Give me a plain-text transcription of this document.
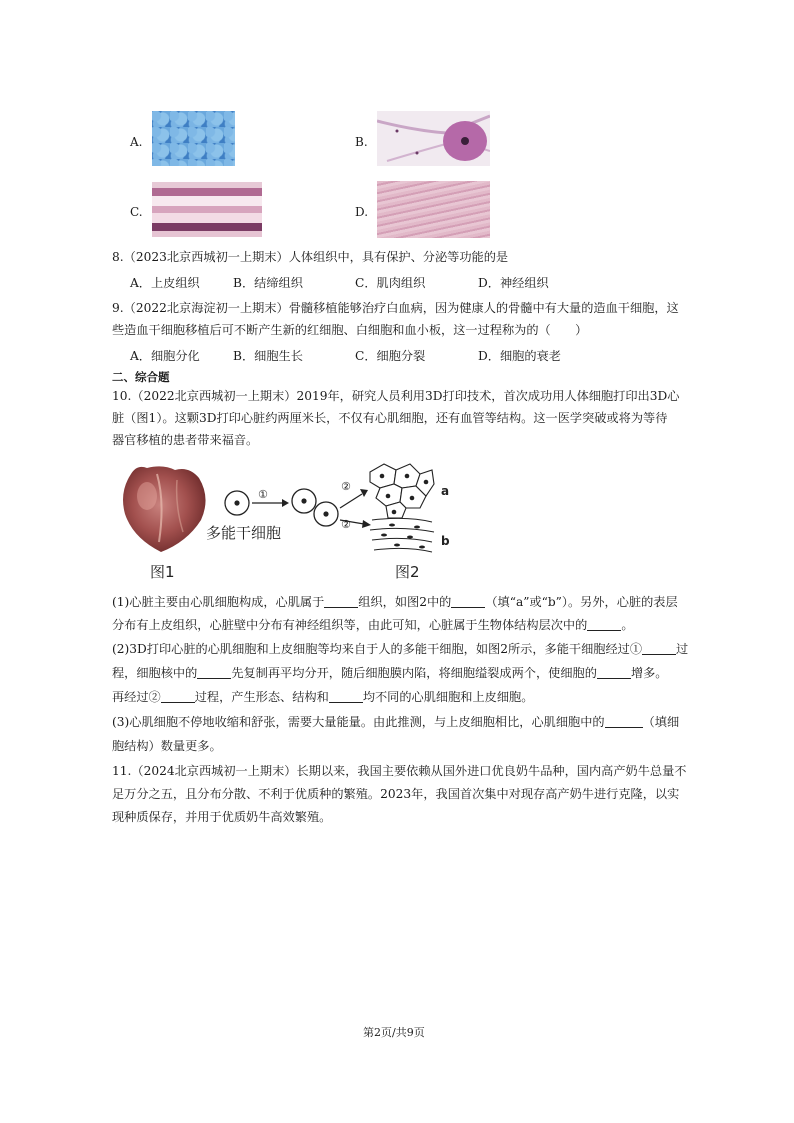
A.	B.
C.	D.
8.（2023北京西城初一上期末）人体组织中，具有保护、分泌等功能的是
A．上皮组织	B．结缔组织	C．肌肉组织	D．神经组织
9.（2022北京海淀初一上期末）骨髓移植能够治疗白血病，因为健康人的骨髓中有大量的造血干细胞，这
些造血干细胞移植后可不断产生新的红细胞、白细胞和血小板，这一过程称为的（　　）
A．细胞分化	B．细胞生长	C．细胞分裂	D．细胞的衰老
二、综合题
10.（2022北京西城初一上期末）2019年，研究人员利用3D打印技术，首次成功用人体细胞打印出3D心
脏（图1）。这颗3D打印心脏约两厘米长，不仅有心肌细胞，还有血管等结构。这一医学突破或将为等待
器官移植的患者带来福音。
图1
①
②
②
多能干细胞
a
b
图2
(1)心脏主要由心肌细胞构成，心肌属于	组织，如图2中的	（填“a”或“b”）。另外，心脏的表层
分布有上皮组织，心脏壁中分布有神经组织等，由此可知，心脏属于生物体结构层次中的	。
(2)3D打印心脏的心肌细胞和上皮细胞等均来自于人的多能干细胞，如图2所示，多能干细胞经过①	过
程，细胞核中的	先复制再平均分开，随后细胞膜内陷，将细胞缢裂成两个，使细胞的	增多。
再经过②	过程，产生形态、结构和	均不同的心肌细胞和上皮细胞。
(3)心肌细胞不停地收缩和舒张，需要大量能量。由此推测，与上皮细胞相比，心肌细胞中的	（填细
胞结构）数量更多。
11.（2024北京西城初一上期末）长期以来，我国主要依赖从国外进口优良奶牛品种，国内高产奶牛总量不
足万分之五，且分布分散、不利于优质种的繁殖。2023年，我国首次集中对现存高产奶牛进行克隆，以实
现种质保存，并用于优质奶牛高效繁殖。
第2页/共9页
